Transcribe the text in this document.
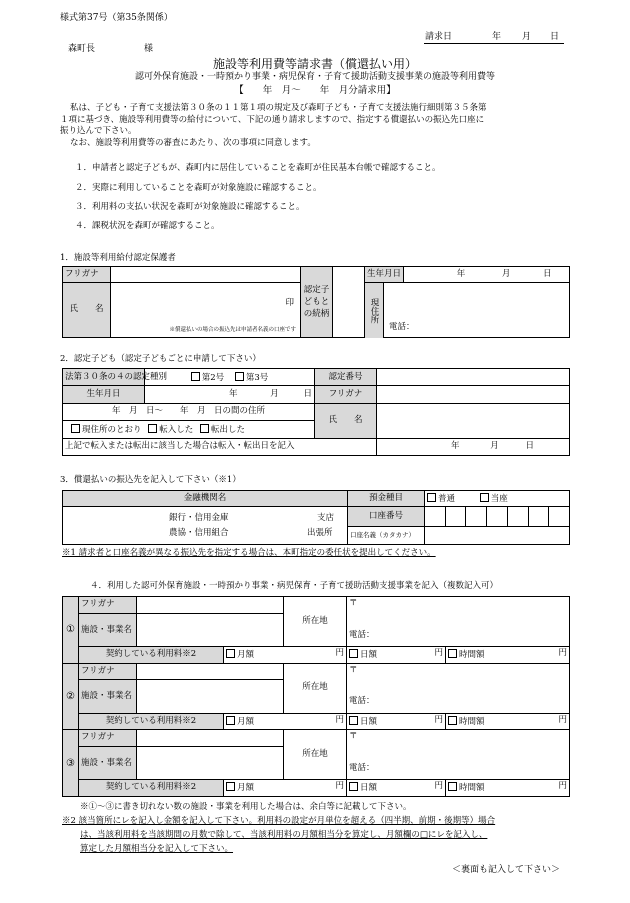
様式第37号（第35条関係）
請求日	年 月 日
森町長	様
施設等利用費等請求書（償還払い用）
認可外保育施設・一時預かり事業・病児保育・子育て援助活動支援事業の施設等利用費等
【　　年　月～　　年　月分請求用】
私は、子ども・子育て支援法第３０条の１１第１項の規定及び森町子ども・子育て支援法施行細則第３５条第
１項に基づき、施設等利用費等の給付について、下記の通り請求しますので、指定する償還払いの振込先口座に
振り込んで下さい。
なお、施設等利用費等の審査にあたり、次の事項に同意します。
１．申請者と認定子どもが、森町内に居住していることを森町が住民基本台帳で確認すること。
２．実際に利用していることを森町が対象施設に確認すること。
３．利用料の支払い状況を森町が対象施設に確認すること。
４．課税状況を森町が確認すること。
1．施設等利用給付認定保護者
フリガナ		認定子どもとの続柄		生年月日 年 月 日
氏　　名	印
※償還払いの場合の振込先は申請者名義の口座です			現住所
電話：
2．認定子ども（認定子どもごとに申請して下さい）
法第３０条の４の認定種別	第2号 第3号	認定番号	
生年月日	年 月 日	フリガナ	
年　月　日～　　年　月　日の間の住所		氏　　名	
現住所のとおり 転入した 転出した			
上記で転入または転出に該当した場合は転入・転出日を記入			年 月 日
3．償還払いの振込先を記入して下さい（※1）
金融機関名	預金種目	普通 当座

銀行・信用金庫 支店
農協・信用組合 出張所	口座番号	

	口座名義（カタカナ）	
※1 請求者と口座名義が異なる振込先を指定する場合は、本町指定の委任状を提出してください。
４．利用した認可外保育施設・一時預かり事業・病児保育・子育て援助活動支援事業を記入（複数記入可）
①	フリガナ			所在地	〒
電話：	

	施設・事業名					

	契約している利用料※2		月額 円		日額 円	時間額 円

②	フリガナ			所在地	〒
電話：	

	施設・事業名					

	契約している利用料※2		月額 円		日額 円	時間額 円

③	フリガナ			所在地	〒
電話：	

	施設・事業名					

	契約している利用料※2		月額 円		日額 円	時間額 円
※①～③に書き切れない数の施設・事業を利用した場合は、余白等に記載して下さい。
※2 該当箇所にレを記入し金額を記入して下さい。利用料の設定が月単位を超える（四半期、前期・後期等）場合
は、当該利用料を当該期間の月数で除して、当該利用料の月額相当分を算定し、月額欄の□にレを記入し、
算定した月額相当分を記入して下さい。
＜裏面も記入して下さい＞
